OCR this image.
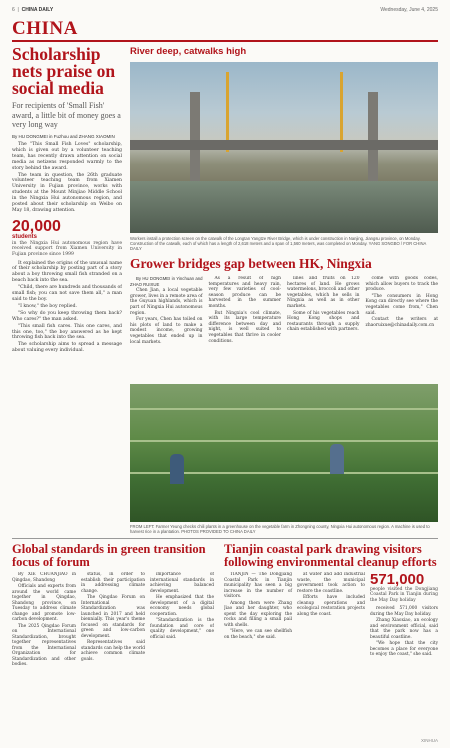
6  |  CHINA DAILY	Wednesday, June 4, 2025
CHINA
Scholarship nets praise on social media
For recipients of 'Small Fish' award, a little bit of money goes a very long way
By HU DONGMEI in Fuzhou and ZHANG XIAOMIN

The "This Small Fish Loves" scholarship, which is given out by a volunteer teaching team, has recently drawn attention on social media as netizens responded warmly to the story behind the award.

The team in question, the 26th graduate volunteer teaching team from Xiamen University in Fujian province, works with students at the Mount Minjiao Middle School in the Ningxia Hui autonomous region, and posted about their scholarship on Weibo on May 18, drawing attention.

20,000
students
in the Ningxia Hui autonomous region have received support from Xiamen University in Fujian province since 1999

It explained the origins of the unusual name of their scholarship by posting part of a story about a boy throwing small fish stranded on a beach back into the sea.

"Child, there are hundreds and thousands of small fish; you can not save them all," a man said to the boy.

"I know," the boy replied.

"So why do you keep throwing them back? Who cares?" the man asked.

"This small fish cares. This one cares, and this one, too," the boy answered as he kept throwing fish back into the sea.

The scholarship aims to spread a message about valuing every individual.

River deep, catwalks high
Workers install a protection screen on the catwalk of the Longtan Yangtze River Bridge, which is under construction in Nanjing, Jiangsu province, on Monday. Construction of the catwalk, each of which has a length of 2,618 meters and a span of 1,560 meters, was completed on Monday. YANG SONGBO / FOR CHINA DAILY
Grower bridges gap between HK, Ningxia

By HU DONGMEI in Yinchuan and ZHAO RUIXUE

Chen Jian, a local vegetable grower, lives in a remote area of the Guyuan highlands, which is part of Ningxia Hui autonomous region.

For years, Chen has toiled on his plots of land to make a modest income, growing vegetables that ended up in local markets.

As a result of high temperatures and heavy rain, very few varieties of cool-season produce can be harvested in the summer months.

But Ningxia's cool climate, with its large temperature difference between day and night, is well suited to vegetables that thrive in cooler conditions.

lines and fruits on 120 hectares of land. He grows watermelons, broccoli and other vegetables, which he sells in Ningxia as well as in other markets.

Some of his vegetables reach Hong Kong shops and restaurants through a supply chain established with partners.

come with goods codes, which allow buyers to track the produce.

"The consumers in Hong Kong can directly see where the vegetables come from," Chen said.

Contact the writers at zhaoruixue@chinadaily.com.cn

FROM LEFT: Farmer Yeung checks chili plants in a greenhouse on the vegetable farm in Zhongning county, Ningxia Hui autonomous region. A machine is used to harvest rice in a plantation. PHOTOS PROVIDED TO CHINA DAILY
Global standards in green transition focus of forum

By XIE CHUANJIAO in Qingdao, Shandong

Officials and experts from around the world came together in Qingdao, Shandong province, on Tuesday to address climate change and promote low-carbon development.

The 2025 Qingdao Forum on International Standardization, brought together representatives from the International Organization for Standardization and other bodies.

status, in order to establish their participation in addressing climate change.

The Qingdao Forum on International Standardization was launched in 2017 and held biennially. This year's theme focused on standards for green and low-carbon development.

Representatives said standards can help the world achieve common climate goals.

importance of international standards in achieving balanced development.

He emphasized that the development of a digital economy needs global cooperation.

"Standardization is the foundation and core of quality development," one official said.

Tianjin coastal park drawing visitors following environmental cleanup efforts

TIANJIN — The Dongjiang Coastal Park in Tianjin municipality has seen a big increase in the number of visitors.

Among them were Zhang Jiao and her daughter, who spent the day exploring the rocks and filling a small pail with shells.

"Here, we can see shellfish on the beach," she said.

at water and add industrial waste, the municipal government took action to restore the coastline.

Efforts have included cleanup operations and ecological restoration projects along the coast.

571,000
people visited the Dongjiang Coastal Park in Tianjin during the May Day holiday

received 571,000 visitors during the May Day holiday.

Zhang Xiaoxiao, an ecology and environment official, said that the park now has a beautiful coastline.

"We hope that the city becomes a place for everyone to enjoy the coast," she said.

XINHUA
